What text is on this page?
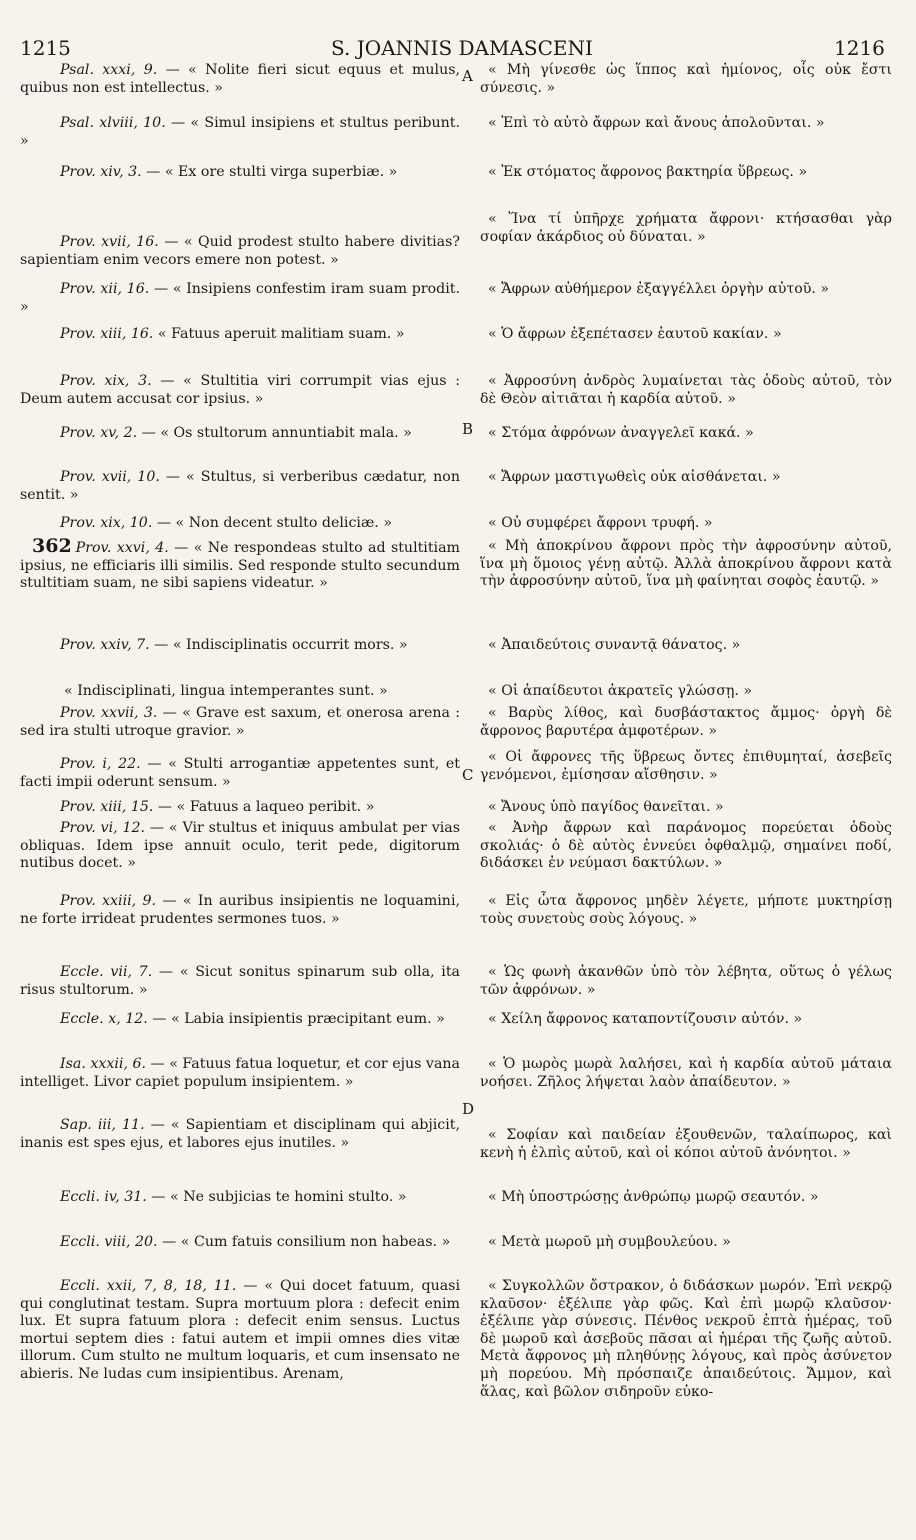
1215	S. JOANNIS DAMASCENI	1216
A
B
C
D

Psal. xxxi, 9. — « Nolite fieri sicut equus et mulus, quibus non est intellectus. »

Psal. xlviii, 10. — « Simul insipiens et stultus peribunt. »

Prov. xiv, 3. — « Ex ore stulti virga superbiæ. »

Prov. xvii, 16. — « Quid prodest stulto habere divitias? sapientiam enim vecors emere non potest. »

Prov. xii, 16. — « Insipiens confestim iram suam prodit. »

Prov. xiii, 16. « Fatuus aperuit malitiam suam. »

Prov. xix, 3. — « Stultitia viri corrumpit vias ejus : Deum autem accusat cor ipsius. »

Prov. xv, 2. — « Os stultorum annuntiabit mala. »

Prov. xvii, 10. — « Stultus, si verberibus cædatur, non sentit. »

Prov. xix, 10. — « Non decent stulto deliciæ. »

362 Prov. xxvi, 4. — « Ne respondeas stulto ad stultitiam ipsius, ne efficiaris illi similis. Sed responde stulto secundum stultitiam suam, ne sibi sapiens videatur. »

Prov. xxiv, 7. — « Indisciplinatis occurrit mors. »

« Indisciplinati, lingua intemperantes sunt. »

Prov. xxvii, 3. — « Grave est saxum, et onerosa arena : sed ira stulti utroque gravior. »

Prov. i, 22. — « Stulti arrogantiæ appetentes sunt, et facti impii oderunt sensum. »

Prov. xiii, 15. — « Fatuus a laqueo peribit. »

Prov. vi, 12. — « Vir stultus et iniquus ambulat per vias obliquas. Idem ipse annuit oculo, terit pede, digitorum nutibus docet. »

Prov. xxiii, 9. — « In auribus insipientis ne loquamini, ne forte irrideat prudentes sermones tuos. »

Eccle. vii, 7. — « Sicut sonitus spinarum sub olla, ita risus stultorum. »

Eccle. x, 12. — « Labia insipientis præcipitant eum. »

Isa. xxxii, 6. — « Fatuus fatua loquetur, et cor ejus vana intelliget. Livor capiet populum insipientem. »

Sap. iii, 11. — « Sapientiam et disciplinam qui abjicit, inanis est spes ejus, et labores ejus inutiles. »

Eccli. iv, 31. — « Ne subjicias te homini stulto. »

Eccli. viii, 20. — « Cum fatuis consilium non habeas. »

Eccli. xxii, 7, 8, 18, 11. — « Qui docet fatuum, quasi qui conglutinat testam. Supra mortuum plora : defecit enim lux. Et supra fatuum plora : defecit enim sensus. Luctus mortui septem dies : fatui autem et impii omnes dies vitæ illorum. Cum stulto ne multum loquaris, et cum insensato ne abieris. Ne ludas cum insipientibus. Arenam,

« Μὴ γίνεσθε ὡς ἵππος καὶ ἡμίονος, οἷς οὐκ ἔστι σύνεσις. »

« Ἐπὶ τὸ αὐτὸ ἄφρων καὶ ἄνους ἀπολοῦνται. »

« Ἐκ στόματος ἄφρονος βακτηρία ὕβρεως. »

« Ἵνα τί ὑπῆρχε χρήματα ἄφρονι· κτήσασθαι γὰρ σοφίαν ἀκάρδιος οὐ δύναται. »

« Ἄφρων αὐθήμερον ἐξαγγέλλει ὀργὴν αὐτοῦ. »

« Ὁ ἄφρων ἐξεπέτασεν ἑαυτοῦ κακίαν. »

« Ἀφροσύνη ἀνδρὸς λυμαίνεται τὰς ὁδοὺς αὐτοῦ, τὸν δὲ Θεὸν αἰτιᾶται ἡ καρδία αὐτοῦ. »

« Στόμα ἀφρόνων ἀναγγελεῖ κακά. »

« Ἄφρων μαστιγωθεὶς οὐκ αἰσθάνεται. »

« Οὐ συμφέρει ἄφρονι τρυφή. »

« Μὴ ἀποκρίνου ἄφρονι πρὸς τὴν ἀφροσύνην αὐτοῦ, ἵνα μὴ ὅμοιος γένῃ αὐτῷ. Ἀλλὰ ἀποκρίνου ἄφρονι κατὰ τὴν ἀφροσύνην αὐτοῦ, ἵνα μὴ φαίνηται σοφὸς ἑαυτῷ. »

« Ἀπαιδεύτοις συναντᾷ θάνατος. »

« Οἱ ἀπαίδευτοι ἀκρατεῖς γλώσσῃ. »

« Βαρὺς λίθος, καὶ δυσβάστακτος ἄμμος· ὀργὴ δὲ ἄφρονος βαρυτέρα ἀμφοτέρων. »

« Οἱ ἄφρονες τῆς ὕβρεως ὄντες ἐπιθυμηταί, ἀσεβεῖς γενόμενοι, ἐμίσησαν αἴσθησιν. »

« Ἄνους ὑπὸ παγίδος θανεῖται. »

« Ἀνὴρ ἄφρων καὶ παράνομος πορεύεται ὁδοὺς σκολιάς· ὁ δὲ αὐτὸς ἐννεύει ὀφθαλμῷ, σημαίνει ποδί, διδάσκει ἐν νεύμασι δακτύλων. »

« Εἰς ὦτα ἄφρονος μηδὲν λέγετε, μήποτε μυκτηρίσῃ τοὺς συνετοὺς σοὺς λόγους. »

« Ὡς φωνὴ ἀκανθῶν ὑπὸ τὸν λέβητα, οὕτως ὁ γέλως τῶν ἀφρόνων. »

« Χείλη ἄφρονος καταποντίζουσιν αὐτόν. »

« Ὁ μωρὸς μωρὰ λαλήσει, καὶ ἡ καρδία αὐτοῦ μάταια νοήσει. Ζῆλος λήψεται λαὸν ἀπαίδευτον. »

« Σοφίαν καὶ παιδείαν ἐξουθενῶν, ταλαίπωρος, καὶ κενὴ ἡ ἐλπὶς αὐτοῦ, καὶ οἱ κόποι αὐτοῦ ἀνόνητοι. »

« Μὴ ὑποστρώσῃς ἀνθρώπῳ μωρῷ σεαυτόν. »

« Μετὰ μωροῦ μὴ συμβουλεύου. »

« Συγκολλῶν ὄστρακον, ὁ διδάσκων μωρόν. Ἐπὶ νεκρῷ κλαῦσον· ἐξέλιπε γὰρ φῶς. Καὶ ἐπὶ μωρῷ κλαῦσον· ἐξέλιπε γὰρ σύνεσις. Πένθος νεκροῦ ἑπτὰ ἡμέρας, τοῦ δὲ μωροῦ καὶ ἀσεβοῦς πᾶσαι αἱ ἡμέραι τῆς ζωῆς αὐτοῦ. Μετὰ ἄφρονος μὴ πληθύνῃς λόγους, καὶ πρὸς ἀσύνετον μὴ πορεύου. Μὴ πρόσπαιζε ἀπαιδεύτοις. Ἄμμον, καὶ ἅλας, καὶ βῶλον σιδηροῦν εὐκο-
